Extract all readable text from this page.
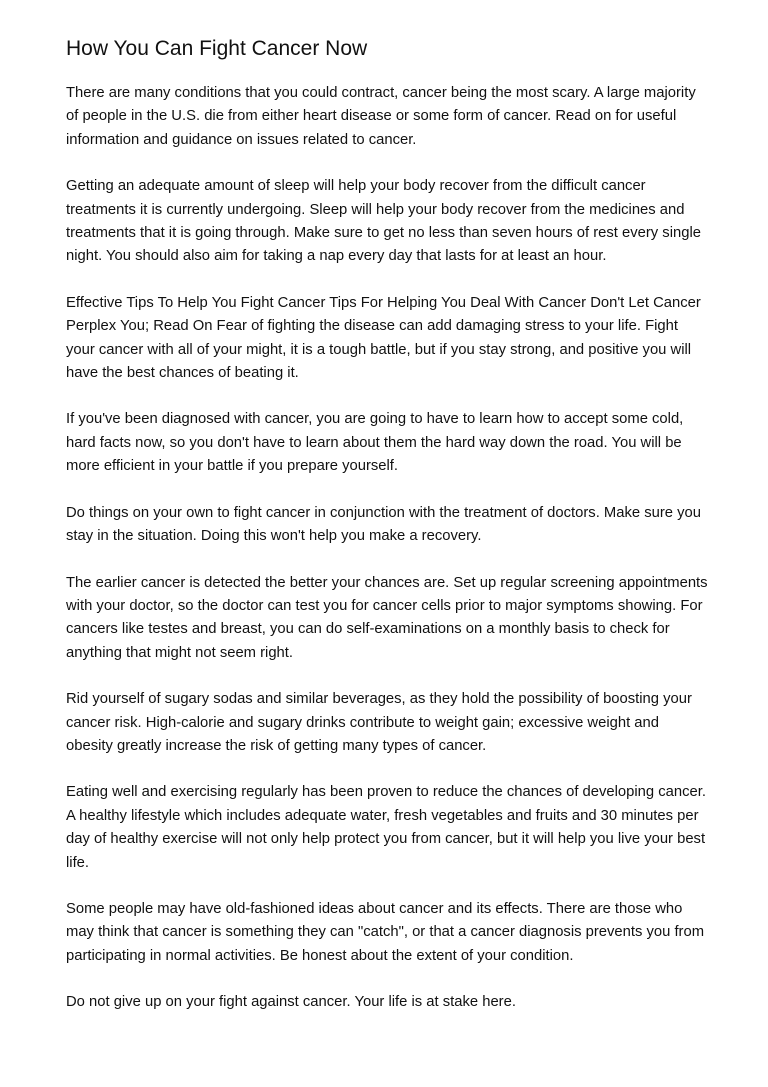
How You Can Fight Cancer Now

There are many conditions that you could contract, cancer being the most scary. A large majority of people in the U.S. die from either heart disease or some form of cancer. Read on for useful information and guidance on issues related to cancer.

Getting an adequate amount of sleep will help your body recover from the difficult cancer treatments it is currently undergoing. Sleep will help your body recover from the medicines and treatments that it is going through. Make sure to get no less than seven hours of rest every single night. You should also aim for taking a nap every day that lasts for at least an hour.

Effective Tips To Help You Fight Cancer Tips For Helping You Deal With Cancer Don't Let Cancer Perplex You; Read On Fear of fighting the disease can add damaging stress to your life. Fight your cancer with all of your might, it is a tough battle, but if you stay strong, and positive you will have the best chances of beating it.

If you've been diagnosed with cancer, you are going to have to learn how to accept some cold, hard facts now, so you don't have to learn about them the hard way down the road. You will be more efficient in your battle if you prepare yourself.

Do things on your own to fight cancer in conjunction with the treatment of doctors. Make sure you stay in the situation. Doing this won't help you make a recovery.

The earlier cancer is detected the better your chances are. Set up regular screening appointments with your doctor, so the doctor can test you for cancer cells prior to major symptoms showing. For cancers like testes and breast, you can do self-examinations on a monthly basis to check for anything that might not seem right.

Rid yourself of sugary sodas and similar beverages, as they hold the possibility of boosting your cancer risk. High-calorie and sugary drinks contribute to weight gain; excessive weight and obesity greatly increase the risk of getting many types of cancer.

Eating well and exercising regularly has been proven to reduce the chances of developing cancer. A healthy lifestyle which includes adequate water, fresh vegetables and fruits and 30 minutes per day of healthy exercise will not only help protect you from cancer, but it will help you live your best life.

Some people may have old-fashioned ideas about cancer and its effects. There are those who may think that cancer is something they can "catch", or that a cancer diagnosis prevents you from participating in normal activities. Be honest about the extent of your condition.

Do not give up on your fight against cancer. Your life is at stake here.
